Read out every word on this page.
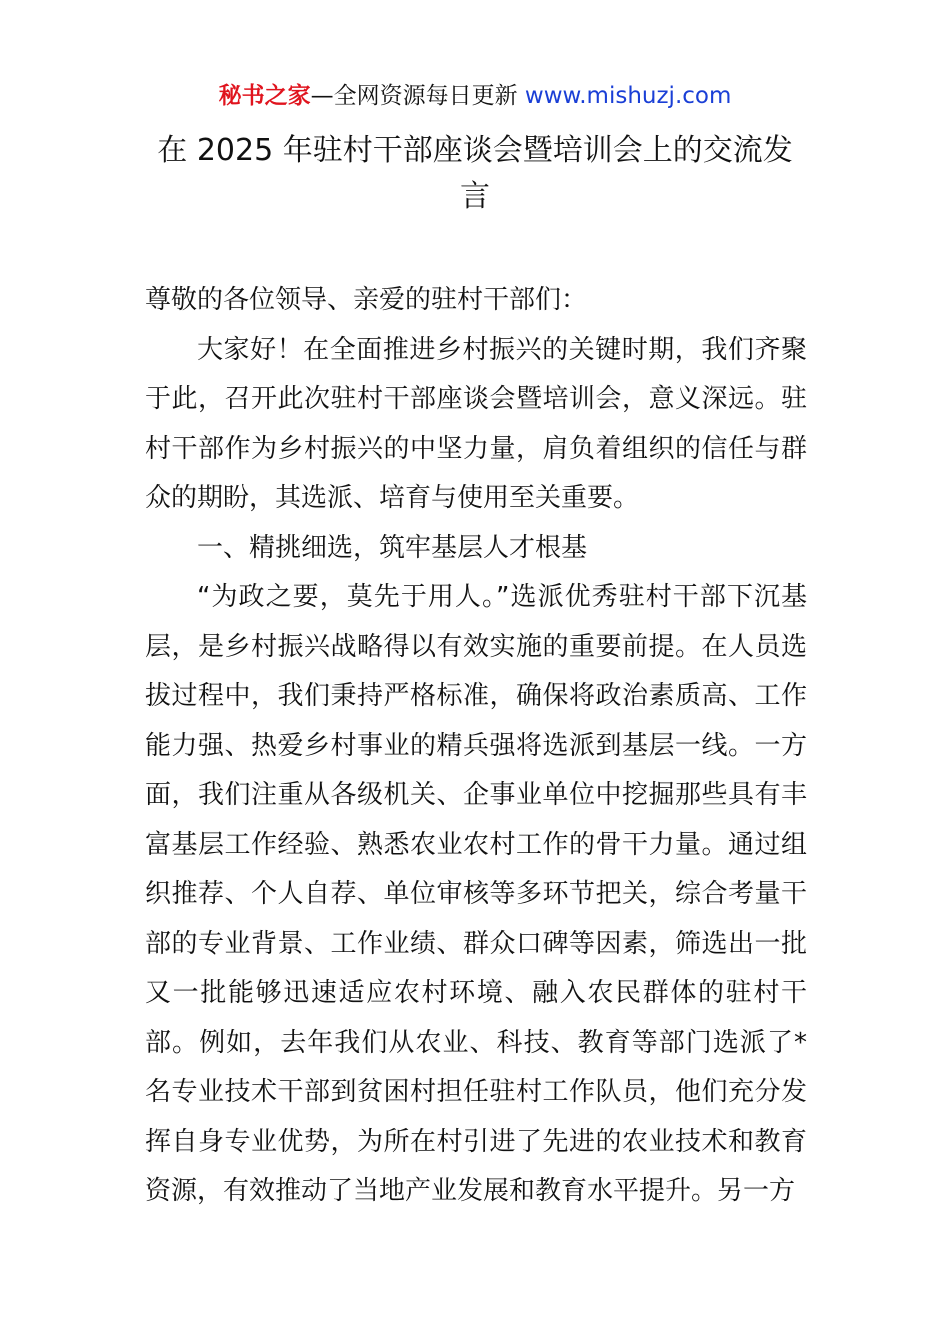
秘书之家—全网资源每日更新 www.mishuzj.com
在 2025 年驻村干部座谈会暨培训会上的交流发言

尊敬的各位领导、亲爱的驻村干部们：

大家好！在全面推进乡村振兴的关键时期，我们齐聚于此，召开此次驻村干部座谈会暨培训会，意义深远。驻村干部作为乡村振兴的中坚力量，肩负着组织的信任与群众的期盼，其选派、培育与使用至关重要。

一、精挑细选，筑牢基层人才根基

“为政之要，莫先于用人。”选派优秀驻村干部下沉基层，是乡村振兴战略得以有效实施的重要前提。在人员选拔过程中，我们秉持严格标准，确保将政治素质高、工作能力强、热爱乡村事业的精兵强将选派到基层一线。一方面，我们注重从各级机关、企事业单位中挖掘那些具有丰富基层工作经验、熟悉农业农村工作的骨干力量。通过组织推荐、个人自荐、单位审核等多环节把关，综合考量干部的专业背景、工作业绩、群众口碑等因素，筛选出一批又一批能够迅速适应农村环境、融入农民群体的驻村干部。例如，去年我们从农业、科技、教育等部门选派了*名专业技术干部到贫困村担任驻村工作队员，他们充分发挥自身专业优势，为所在村引进了先进的农业技术和教育资源，有效推动了当地产业发展和教育水平提升。另一方
